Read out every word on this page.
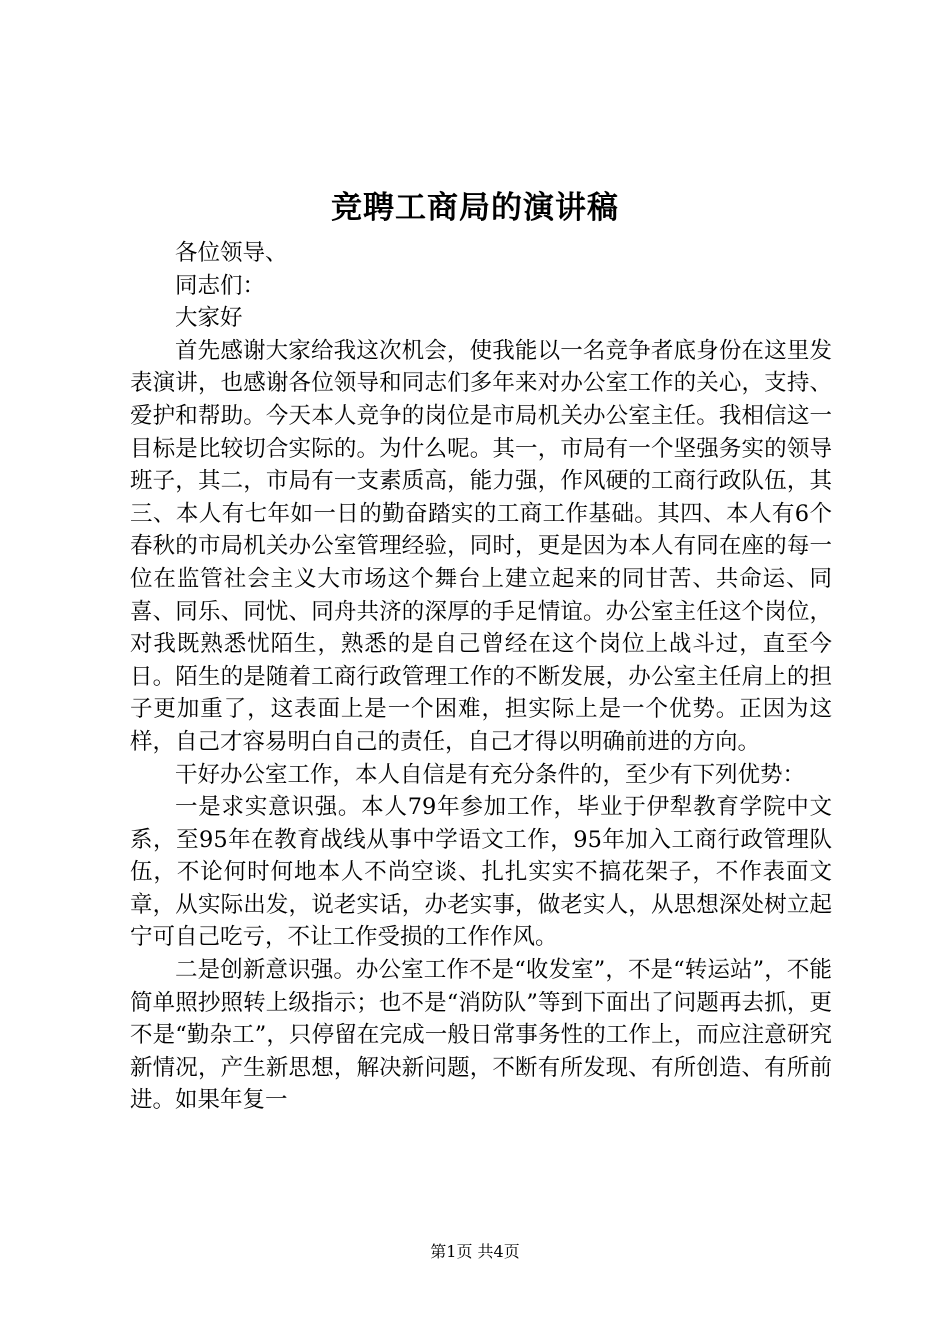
竞聘工商局的演讲稿

各位领导、

同志们：

大家好

首先感谢大家给我这次机会，使我能以一名竞争者底身份在这里发表演讲，也感谢各位领导和同志们多年来对办公室工作的关心，支持、爱护和帮助。今天本人竞争的岗位是市局机关办公室主任。我相信这一目标是比较切合实际的。为什么呢。其一，市局有一个坚强务实的领导班子，其二，市局有一支素质高，能力强，作风硬的工商行政队伍，其三、本人有七年如一日的勤奋踏实的工商工作基础。其四、本人有6个春秋的市局机关办公室管理经验，同时，更是因为本人有同在座的每一位在监管社会主义大市场这个舞台上建立起来的同甘苦、共命运、同喜、同乐、同忧、同舟共济的深厚的手足情谊。办公室主任这个岗位，对我既熟悉忧陌生，熟悉的是自己曾经在这个岗位上战斗过，直至今日。陌生的是随着工商行政管理工作的不断发展，办公室主任肩上的担子更加重了，这表面上是一个困难，担实际上是一个优势。正因为这样，自己才容易明白自己的责任，自己才得以明确前进的方向。

干好办公室工作，本人自信是有充分条件的，至少有下列优势：

一是求实意识强。本人79年参加工作，毕业于伊犁教育学院中文系，至95年在教育战线从事中学语文工作，95年加入工商行政管理队伍，不论何时何地本人不尚空谈、扎扎实实不搞花架子，不作表面文章，从实际出发，说老实话，办老实事，做老实人，从思想深处树立起宁可自己吃亏，不让工作受损的工作作风。

二是创新意识强。办公室工作不是“收发室”，不是“转运站”，不能简单照抄照转上级指示；也不是“消防队”等到下面出了问题再去抓，更不是“勤杂工”，只停留在完成一般日常事务性的工作上，而应注意研究新情况，产生新思想，解决新问题，不断有所发现、有所创造、有所前进。如果年复一

第1页 共4页
